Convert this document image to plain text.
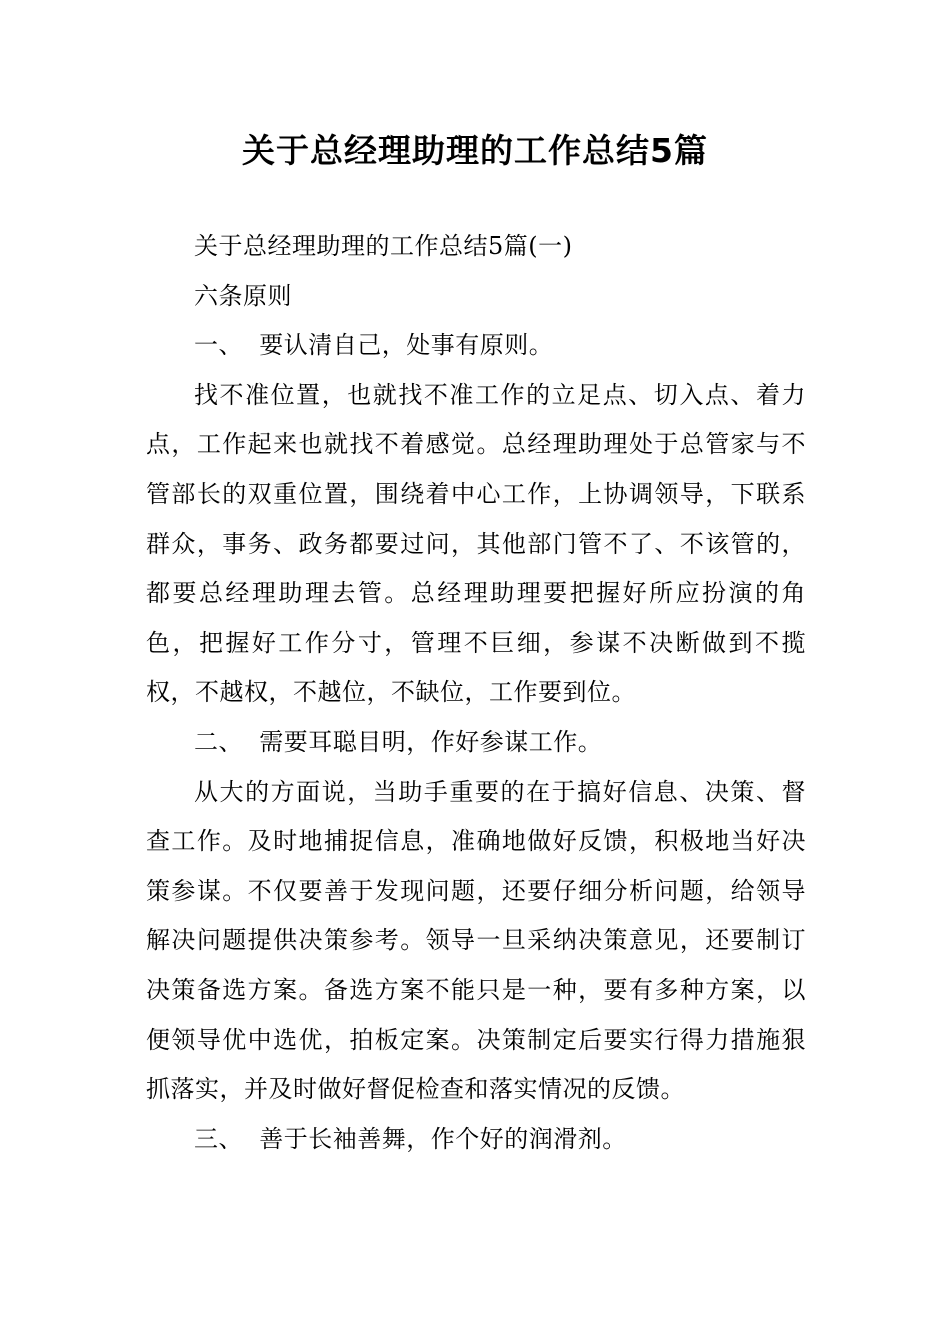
关于总经理助理的工作总结5篇

关于总经理助理的工作总结5篇(一)

六条原则

一、  要认清自己，处事有原则。

找不准位置，也就找不准工作的立足点、切入点、着力点，工作起来也就找不着感觉。总经理助理处于总管家与不管部长的双重位置，围绕着中心工作，上协调领导，下联系群众，事务、政务都要过问，其他部门管不了、不该管的，都要总经理助理去管。总经理助理要把握好所应扮演的角色，把握好工作分寸，管理不巨细，参谋不决断做到不揽权，不越权，不越位，不缺位，工作要到位。

二、  需要耳聪目明，作好参谋工作。

从大的方面说，当助手重要的在于搞好信息、决策、督查工作。及时地捕捉信息，准确地做好反馈，积极地当好决策参谋。不仅要善于发现问题，还要仔细分析问题，给领导解决问题提供决策参考。领导一旦采纳决策意见，还要制订决策备选方案。备选方案不能只是一种，要有多种方案，以便领导优中选优，拍板定案。决策制定后要实行得力措施狠抓落实，并及时做好督促检查和落实情况的反馈。

三、  善于长袖善舞，作个好的润滑剂。
